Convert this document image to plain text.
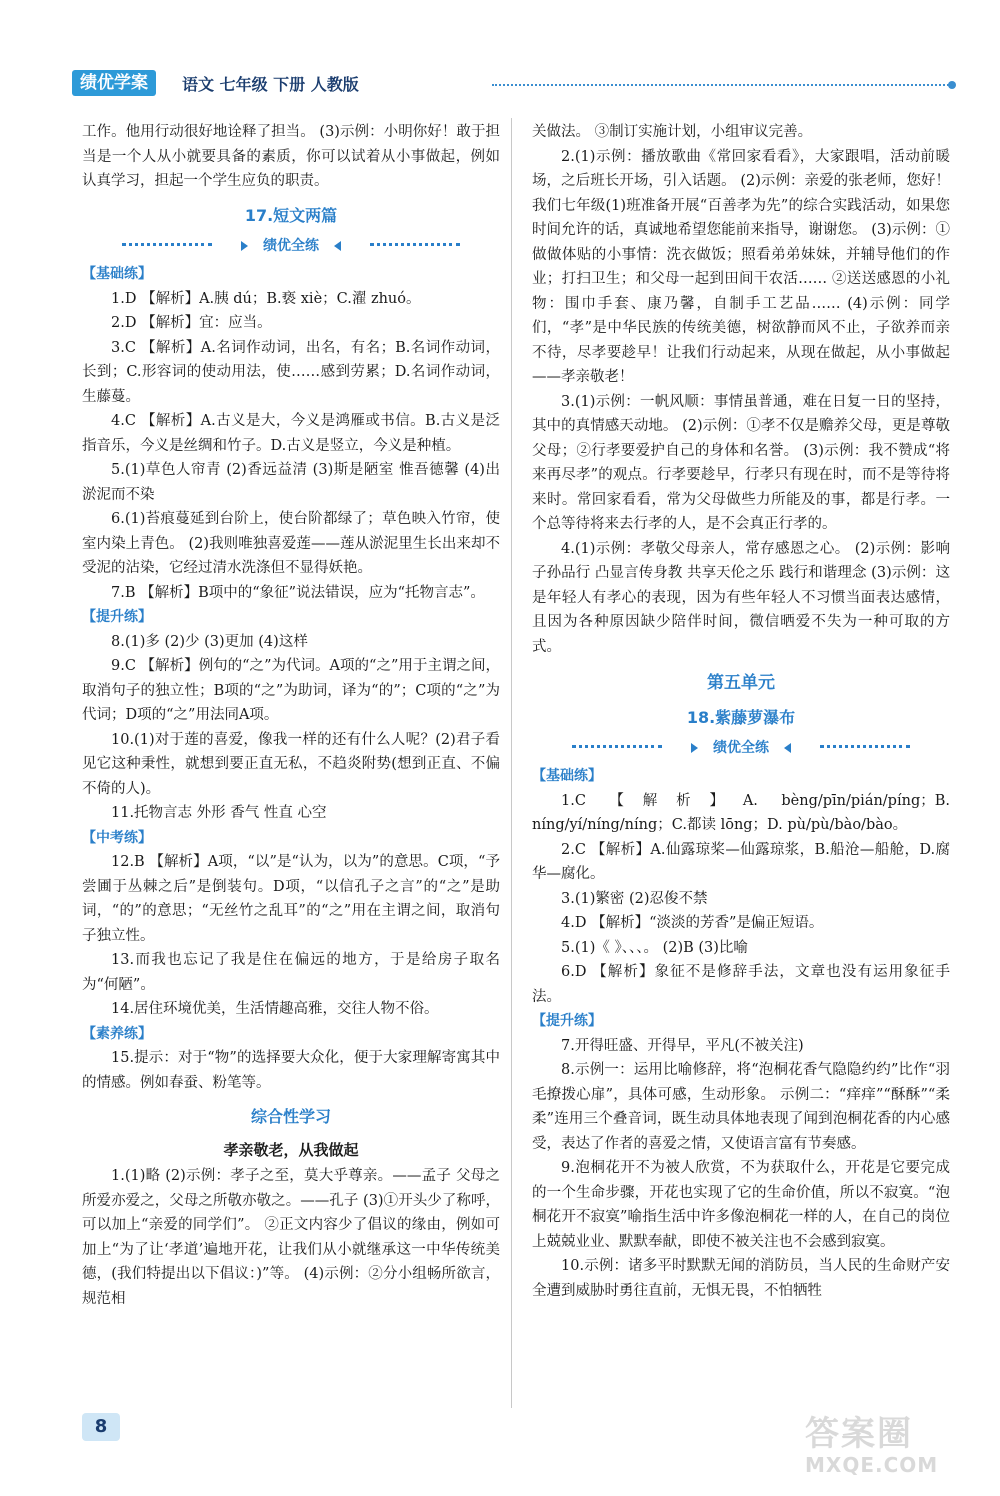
绩优学案	语文 七年级 下册 人教版

工作。他用行动很好地诠释了担当。 (3)示例：小明你好！敢于担当是一个人从小就要具备的素质，你可以试着从小事做起，例如认真学习，担起一个学生应负的职责。

17.短文两篇
绩优全练
【基础练】

1.D 【解析】A.胰 dú；B.亵 xiè；C.濯 zhuó。

2.D 【解析】宜：应当。

3.C 【解析】A.名词作动词，出名，有名；B.名词作动词，长到；C.形容词的使动用法，使……感到劳累；D.名词作动词，生藤蔓。

4.C 【解析】A.古义是大，今义是鸿雁或书信。B.古义是泛指音乐，今义是丝绸和竹子。D.古义是竖立，今义是种植。

5.(1)草色人帘青 (2)香远益清 (3)斯是陋室 惟吾德馨 (4)出淤泥而不染

6.(1)苔痕蔓延到台阶上，使台阶都绿了；草色映入竹帘，使室内染上青色。 (2)我则唯独喜爱莲——莲从淤泥里生长出来却不受泥的沾染，它经过清水洗涤但不显得妖艳。

7.B 【解析】B项中的“象征”说法错误，应为“托物言志”。

【提升练】

8.(1)多 (2)少 (3)更加 (4)这样

9.C 【解析】例句的“之”为代词。A项的“之”用于主谓之间，取消句子的独立性；B项的“之”为助词，译为“的”；C项的“之”为代词；D项的“之”用法同A项。

10.(1)对于莲的喜爱，像我一样的还有什么人呢？(2)君子看见它这种秉性，就想到要正直无私，不趋炎附势(想到正直、不偏不倚的人)。

11.托物言志 外形 香气 性直 心空

【中考练】

12.B 【解析】A项，“以”是“认为，以为”的意思。C项，“予尝圃于丛棘之后”是倒装句。D项，“以信孔子之言”的“之”是助词，“的”的意思；“无丝竹之乱耳”的“之”用在主谓之间，取消句子独立性。

13.而我也忘记了我是住在偏远的地方，于是给房子取名为“何陋”。

14.居住环境优美，生活情趣高雅，交往人物不俗。

【素养练】

15.提示：对于“物”的选择要大众化，便于大家理解寄寓其中的情感。例如春蚕、粉笔等。

综合性学习
孝亲敬老，从我做起

1.(1)略 (2)示例：孝子之至，莫大乎尊亲。——孟子 父母之所爱亦爱之，父母之所敬亦敬之。——孔子 (3)①开头少了称呼，可以加上“亲爱的同学们”。 ②正文内容少了倡议的缘由，例如可加上“为了让‘孝道’遍地开花，让我们从小就继承这一中华传统美德，(我们特提出以下倡议：)”等。 (4)示例：②分小组畅所欲言，规范相

关做法。 ③制订实施计划，小组审议完善。

2.(1)示例：播放歌曲《常回家看看》，大家跟唱，活动前暖场，之后班长开场，引入话题。 (2)示例：亲爱的张老师，您好！我们七年级(1)班准备开展“百善孝为先”的综合实践活动，如果您时间允许的话，真诚地希望您能前来指导，谢谢您。 (3)示例：①做做体贴的小事情：洗衣做饭；照看弟弟妹妹，并辅导他们的作业；打扫卫生；和父母一起到田间干农活…… ②送送感恩的小礼物：围巾手套、康乃馨，自制手工艺品…… (4)示例：同学们，“孝”是中华民族的传统美德，树欲静而风不止，子欲养而亲不待，尽孝要趁早！让我们行动起来，从现在做起，从小事做起——孝亲敬老！

3.(1)示例：一帆风顺：事情虽普通，难在日复一日的坚持，其中的真情感天动地。 (2)示例：①孝不仅是赡养父母，更是尊敬父母；②行孝要爱护自己的身体和名誉。 (3)示例：我不赞成“将来再尽孝”的观点。行孝要趁早，行孝只有现在时，而不是等待将来时。常回家看看，常为父母做些力所能及的事，都是行孝。一个总等待将来去行孝的人，是不会真正行孝的。

4.(1)示例：孝敬父母亲人，常存感恩之心。 (2)示例：影响子孙品行 凸显言传身教 共享天伦之乐 践行和谐理念 (3)示例：这是年轻人有孝心的表现，因为有些年轻人不习惯当面表达感情，且因为各种原因缺少陪伴时间，微信晒爱不失为一种可取的方式。

第五单元
18.紫藤萝瀑布
绩优全练
【基础练】

1.C 【解析】A. bèng/pīn/pián/píng；B. níng/yí/níng/níng；C.都读 lōng；D. pù/pù/bào/bào。

2.C 【解析】A.仙露琼桨—仙露琼浆，B.船沧—船舱，D.腐华—腐化。

3.(1)繁密 (2)忍俊不禁

4.D 【解析】“淡淡的芳香”是偏正短语。

5.(1)《 》、、、。 (2)B (3)比喻

6.D 【解析】象征不是修辞手法，文章也没有运用象征手法。

【提升练】

7.开得旺盛、开得早，平凡(不被关注)

8.示例一：运用比喻修辞，将“泡桐花香气隐隐约约”比作“羽毛撩拨心扉”，具体可感，生动形象。 示例二：“痒痒”“酥酥”“柔柔”连用三个叠音词，既生动具体地表现了闻到泡桐花香的内心感受，表达了作者的喜爱之情，又使语言富有节奏感。

9.泡桐花开不为被人欣赏，不为获取什么，开花是它要完成的一个生命步骤，开花也实现了它的生命价值，所以不寂寞。“泡桐花开不寂寞”喻指生活中许多像泡桐花一样的人，在自己的岗位上兢兢业业、默默奉献，即使不被关注也不会感到寂寞。

10.示例：诸多平时默默无闻的消防员，当人民的生命财产安全遭到威胁时勇往直前，无惧无畏，不怕牺牲

8	答案圈
MXQE.COM
